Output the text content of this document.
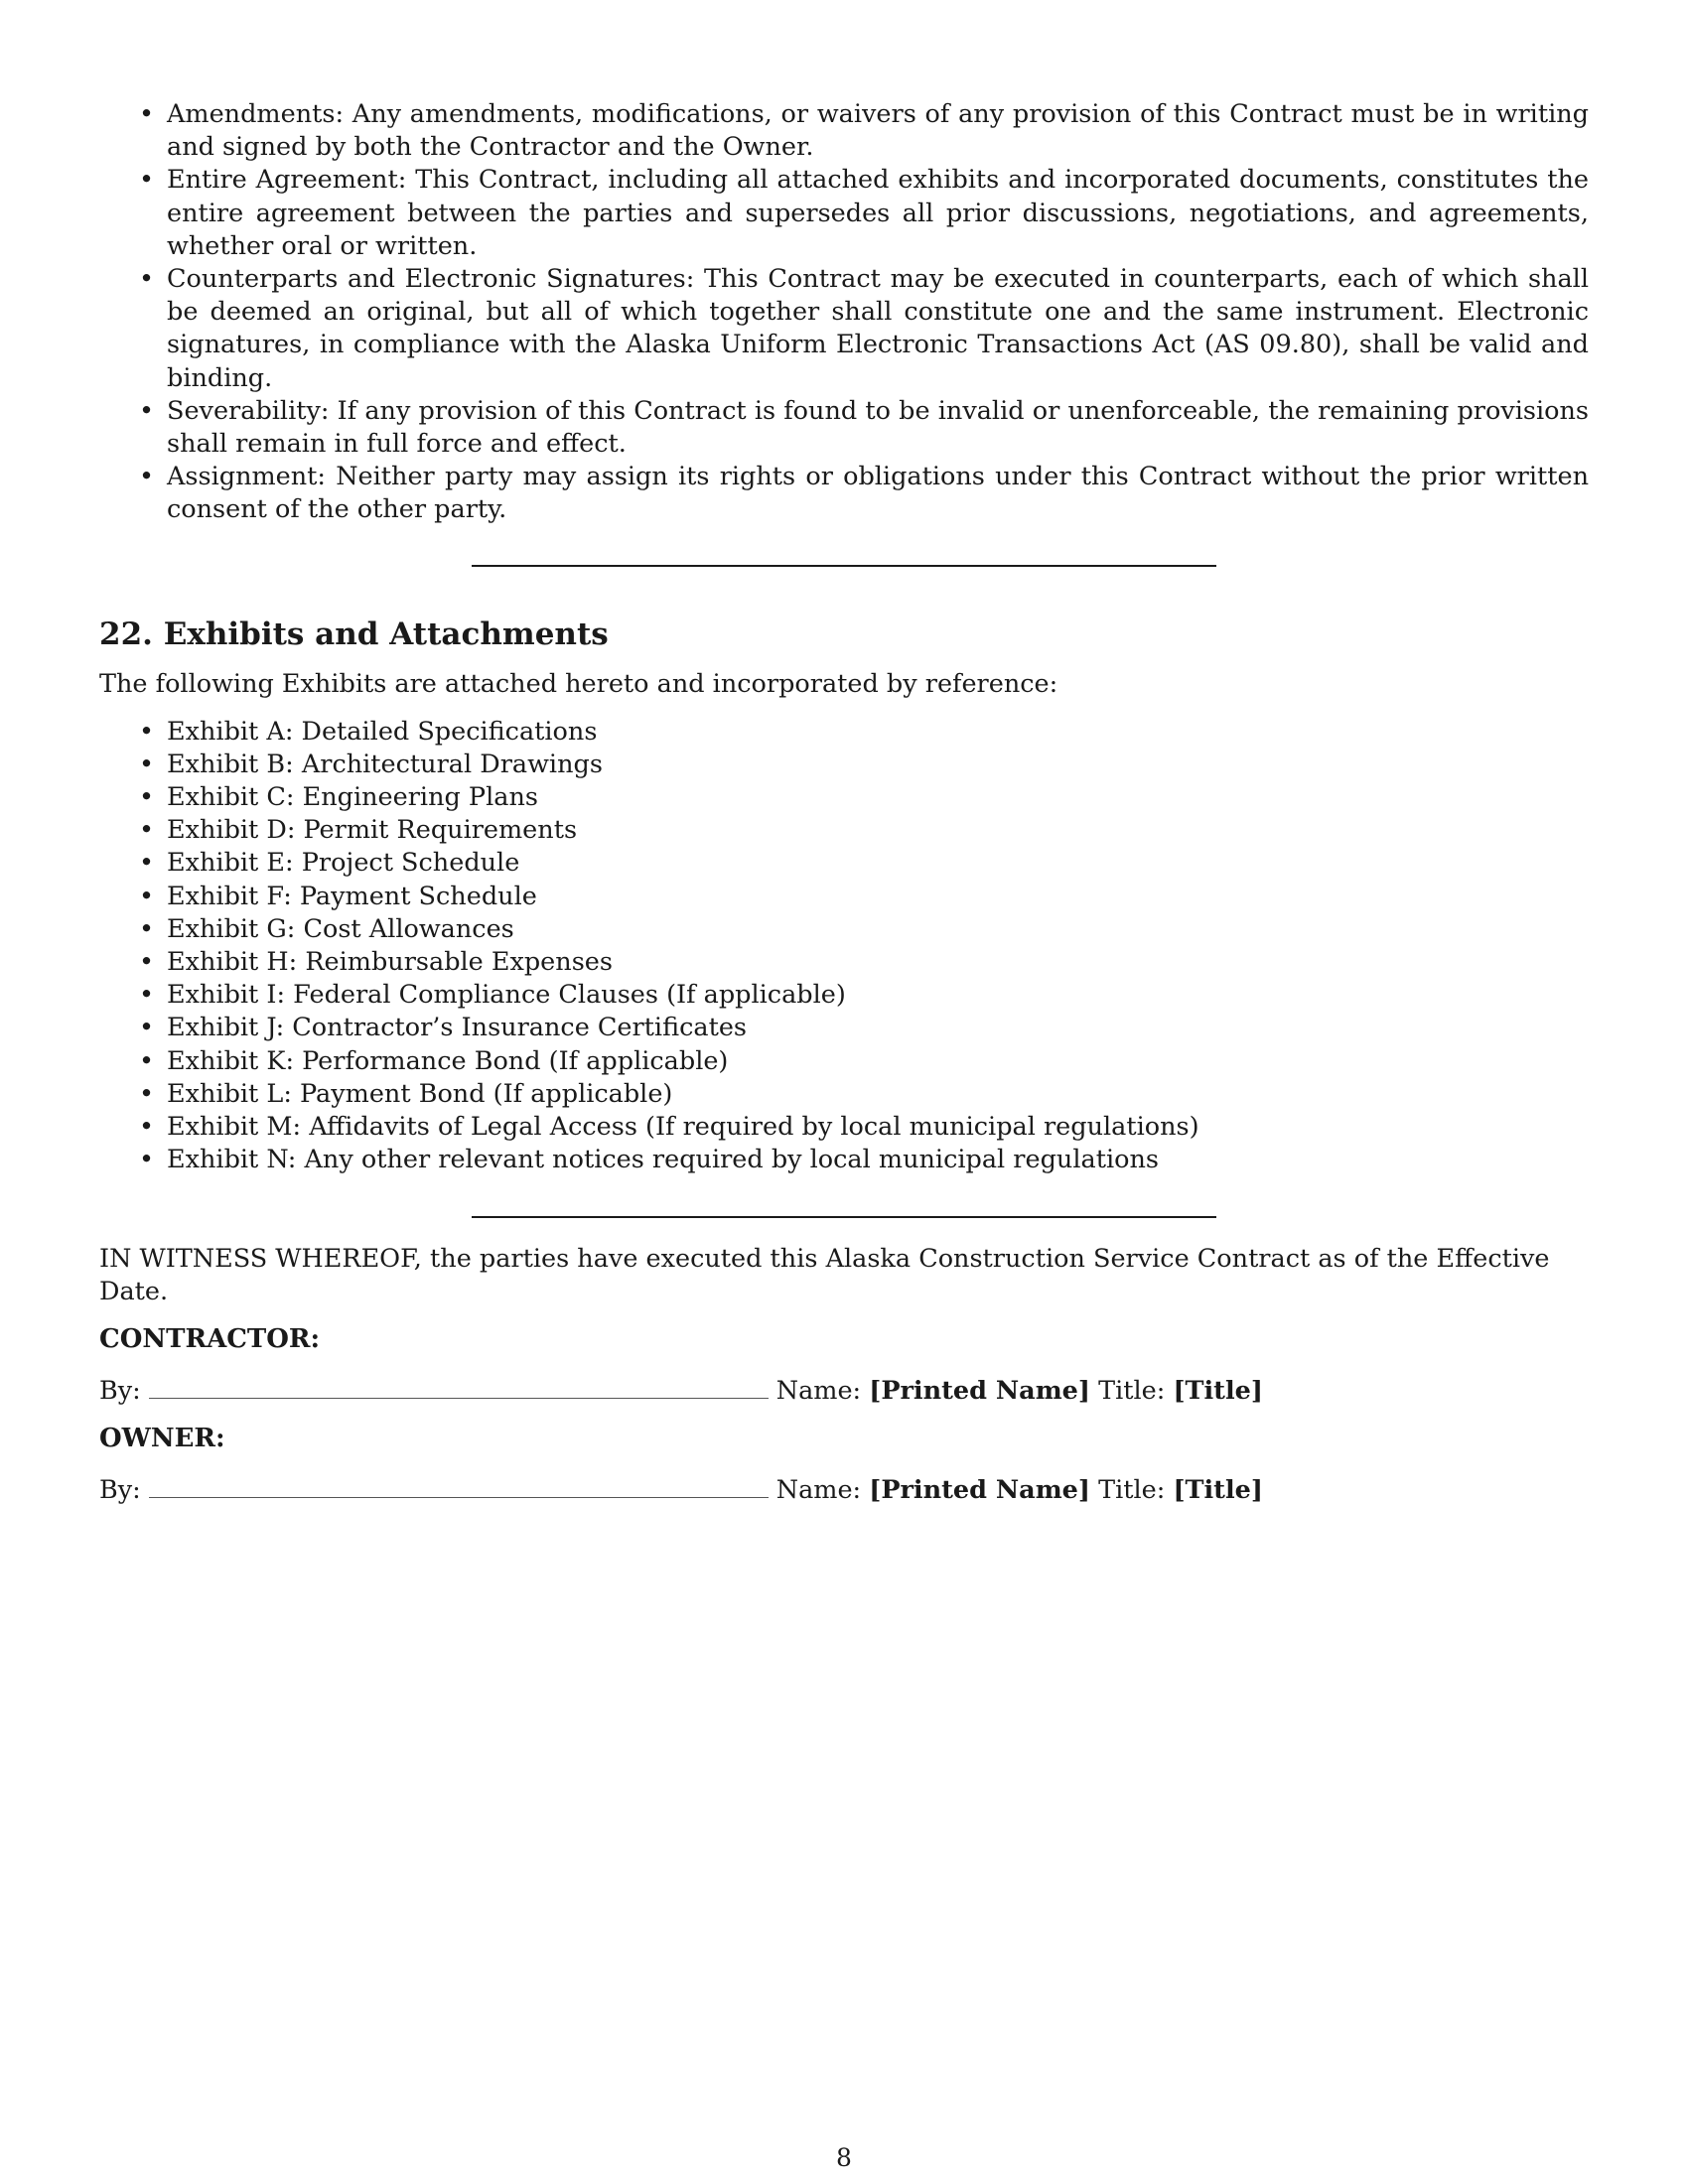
• Amendments: Any amendments, modifications, or waivers of any provision of this Contract must be in writing and signed by both the Contractor and the Owner.
• Entire Agreement: This Contract, including all attached exhibits and incorporated documents, constitutes the entire agreement between the parties and supersedes all prior discussions, negotiations, and agreements, whether oral or written.
• Counterparts and Electronic Signatures: This Contract may be executed in counterparts, each of which shall be deemed an original, but all of which together shall constitute one and the same instrument. Electronic signatures, in compliance with the Alaska Uniform Electronic Transactions Act (AS 09.80), shall be valid and binding.
• Severability: If any provision of this Contract is found to be invalid or unenforceable, the remaining provisions shall remain in full force and effect.
• Assignment: Neither party may assign its rights or obligations under this Contract without the prior written consent of the other party.
22. Exhibits and Attachments

The following Exhibits are attached hereto and incorporated by reference:

• Exhibit A: Detailed Specifications
• Exhibit B: Architectural Drawings
• Exhibit C: Engineering Plans
• Exhibit D: Permit Requirements
• Exhibit E: Project Schedule
• Exhibit F: Payment Schedule
• Exhibit G: Cost Allowances
• Exhibit H: Reimbursable Expenses
• Exhibit I: Federal Compliance Clauses (If applicable)
• Exhibit J: Contractor’s Insurance Certificates
• Exhibit K: Performance Bond (If applicable)
• Exhibit L: Payment Bond (If applicable)
• Exhibit M: Affidavits of Legal Access (If required by local municipal regulations)
• Exhibit N: Any other relevant notices required by local municipal regulations

IN WITNESS WHEREOF, the parties have executed this Alaska Construction Service Contract as of the Effective Date.

CONTRACTOR:

By:	Name: [Printed Name] Title: [Title]

OWNER:

By:	Name: [Printed Name] Title: [Title]

8
